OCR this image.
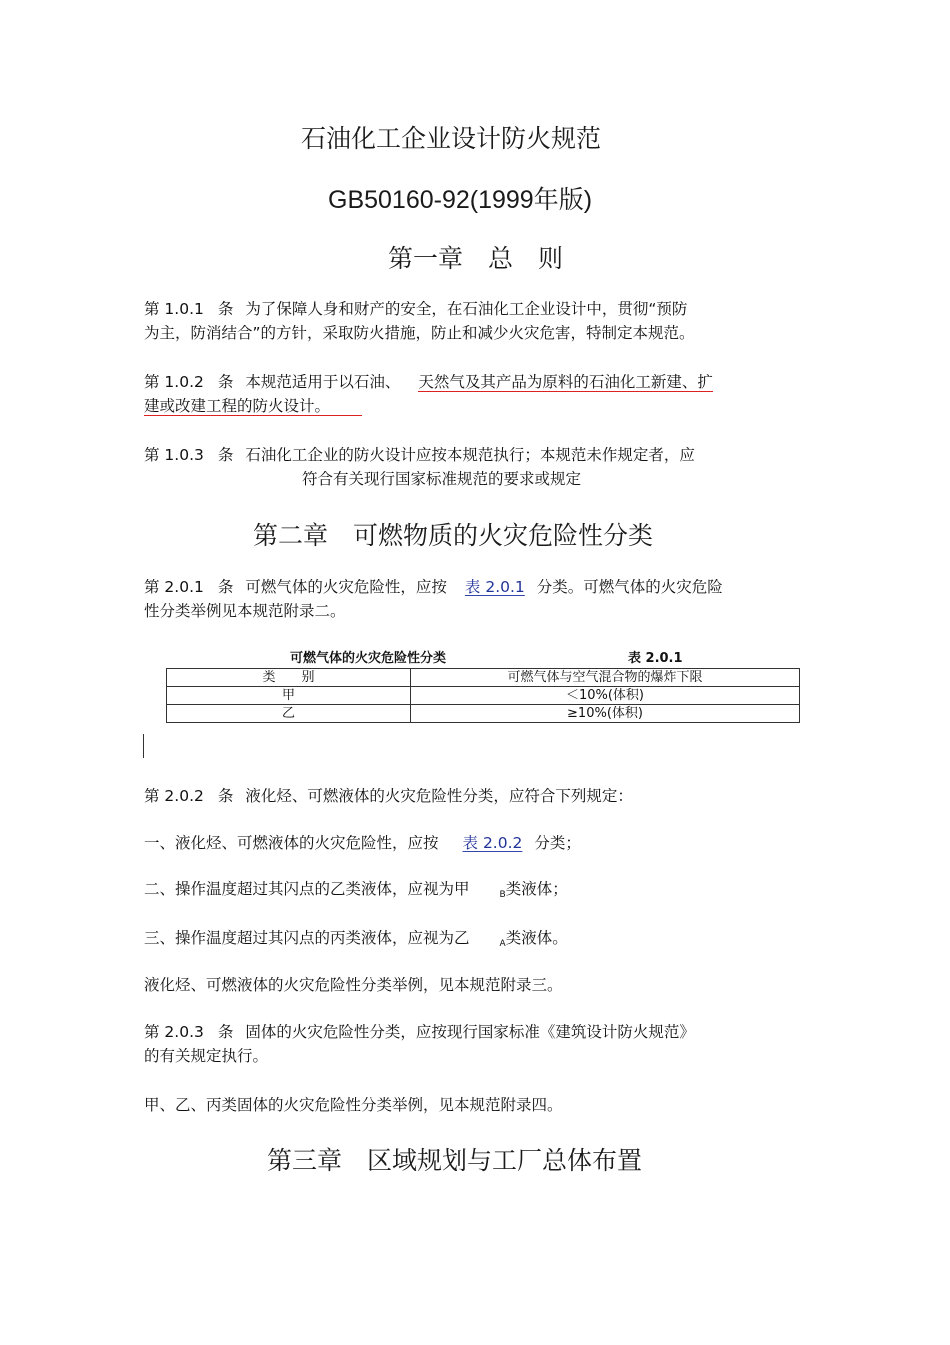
石油化工企业设计防火规范
GB50160-92(1999年版)
第一章　总　则
第 1.0.1 条 为了保障人身和财产的安全，在石油化工企业设计中，贯彻“预防
为主，防消结合”的方针，采取防火措施，防止和减少火灾危害，特制定本规范。
第 1.0.2 条 本规范适用于以石油、 天然气及其产品为原料的石油化工新建、扩
建或改建工程的防火设计。
第 1.0.3 条 石油化工企业的防火设计应按本规范执行；本规范未作规定者，应
符合有关现行国家标准规范的要求或规定
第二章　可燃物质的火灾危险性分类
第 2.0.1 条 可燃气体的火灾危险性，应按 表 2.0.1 分类。可燃气体的火灾危险
性分类举例见本规范附录二。
可燃气体的火灾危险性分类	表 2.0.1
类　　别	可燃气体与空气混合物的爆炸下限
甲	＜10%(体积)
乙	≥10%(体积)
第 2.0.2 条 液化烃、可燃液体的火灾危险性分类，应符合下列规定：
一、液化烃、可燃液体的火灾危险性，应按 表 2.0.2 分类；
二、操作温度超过其闪点的乙类液体，应视为甲	$_B$类液体；
三、操作温度超过其闪点的丙类液体，应视为乙	$_A$类液体。
液化烃、可燃液体的火灾危险性分类举例，见本规范附录三。
第 2.0.3 条 固体的火灾危险性分类，应按现行国家标准《建筑设计防火规范》
的有关规定执行。
甲、乙、丙类固体的火灾危险性分类举例，见本规范附录四。
第三章　区域规划与工厂总体布置
